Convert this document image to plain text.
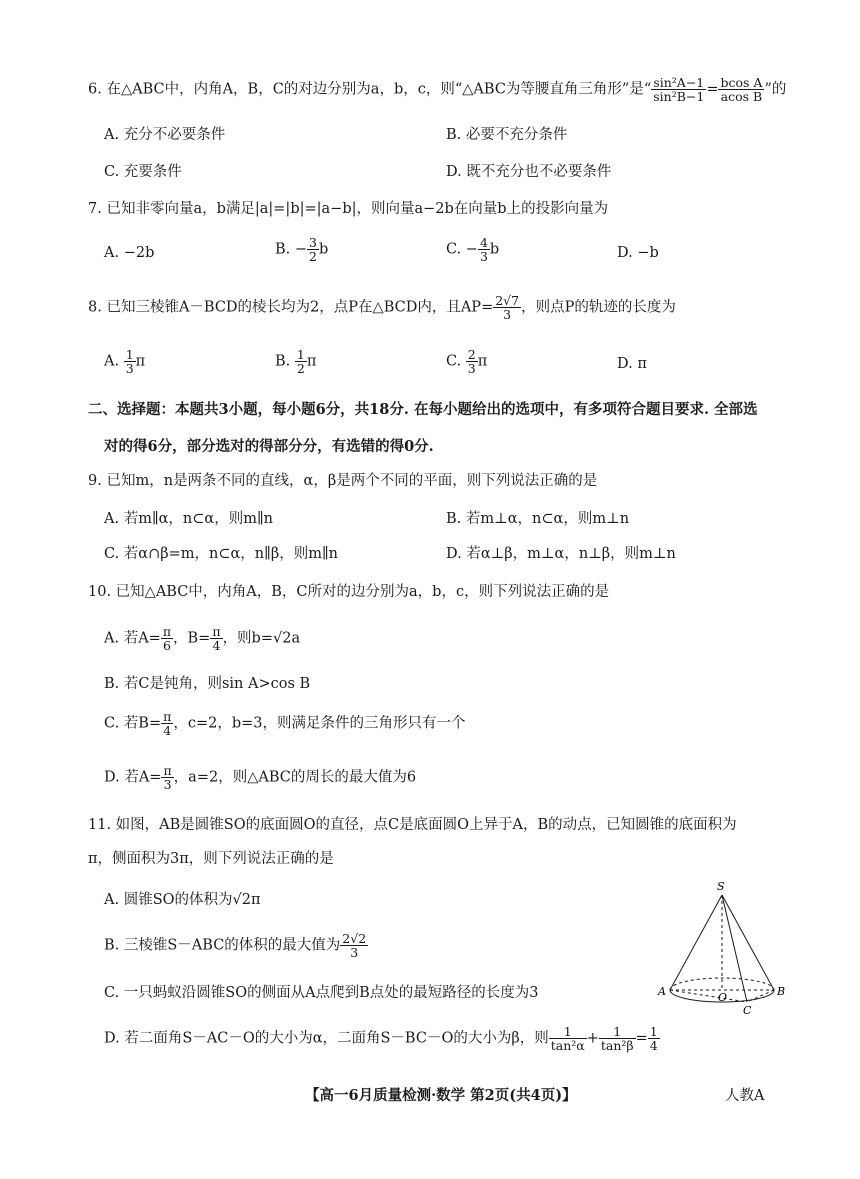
6. 在△ABC中，内角A，B，C的对边分别为a，b，c，则“△ABC为等腰直角三角形”是“ $\frac{\text{sin²A−1}}{\text{sin²B−1}} = \frac{\text{bcos A}}{\text{acos B}}$ ”的
A. 充分不必要条件	B. 必要不充分条件
C. 充要条件	D. 既不充分也不必要条件
7. 已知非零向量a，b满足|a|=|b|=|a−b|，则向量a−2b在向量b上的投影向量为
A. −2b	B. − $\frac{3}{2}$ b	C. − $\frac{4}{3}$ b	D. −b
8. 已知三棱锥A－BCD的棱长均为2，点P在△BCD内，且$AP= \frac{2√7}{3}$ ，则点P的轨迹的长度为
A. $\frac{1}{3}$ π	B. $\frac{1}{2}$ π	C. $\frac{2}{3}$ π	D. π
二、选择题：本题共3小题，每小题6分，共18分. 在每小题给出的选项中，有多项符合题目要求. 全部选
对的得6分，部分选对的得部分分，有选错的得0分.
9. 已知m，n是两条不同的直线，α，β是两个不同的平面，则下列说法正确的是
A. 若m∥α，n⊂α，则m∥n	B. 若m⊥α，n⊂α，则m⊥n
C. 若α∩β=m，n⊂α，n∥β，则m∥n	D. 若α⊥β，m⊥α，n⊥β，则m⊥n
10. 已知△ABC中，内角A，B，C所对的边分别为a，b，c，则下列说法正确的是
A. 若$A= \frac{\pi}{6}$ ，$B= \frac{\pi}{4}$ ，则b=√2a
B. 若C是钝角，则sin A>cos B
C. 若$B= \frac{\pi}{4}$ ，c=2，b=3，则满足条件的三角形只有一个
D. 若$A= \frac{\pi}{3}$ ，a=2，则△ABC的周长的最大值为6
11. 如图，AB是圆锥SO的底面圆O的直径，点C是底面圆O上异于A，B的动点，已知圆锥的底面积为
π，侧面积为3π，则下列说法正确的是
A. 圆锥SO的体积为√2π
B. 三棱锥S－ABC的体积的最大值为 $\frac{2√2}{3}$
C. 一只蚂蚁沿圆锥SO的侧面从A点爬到B点处的最短路径的长度为3
D. 若二面角S－AC－O的大小为α，二面角S－BC－O的大小为β，则 $\frac{1}{\text{tan²α}} + \frac{1}{\text{tan²β}} = \frac{1}{4}$
S
A	B
C
O
【高一6月质量检测·数学 第2页(共4页)】	人教A
